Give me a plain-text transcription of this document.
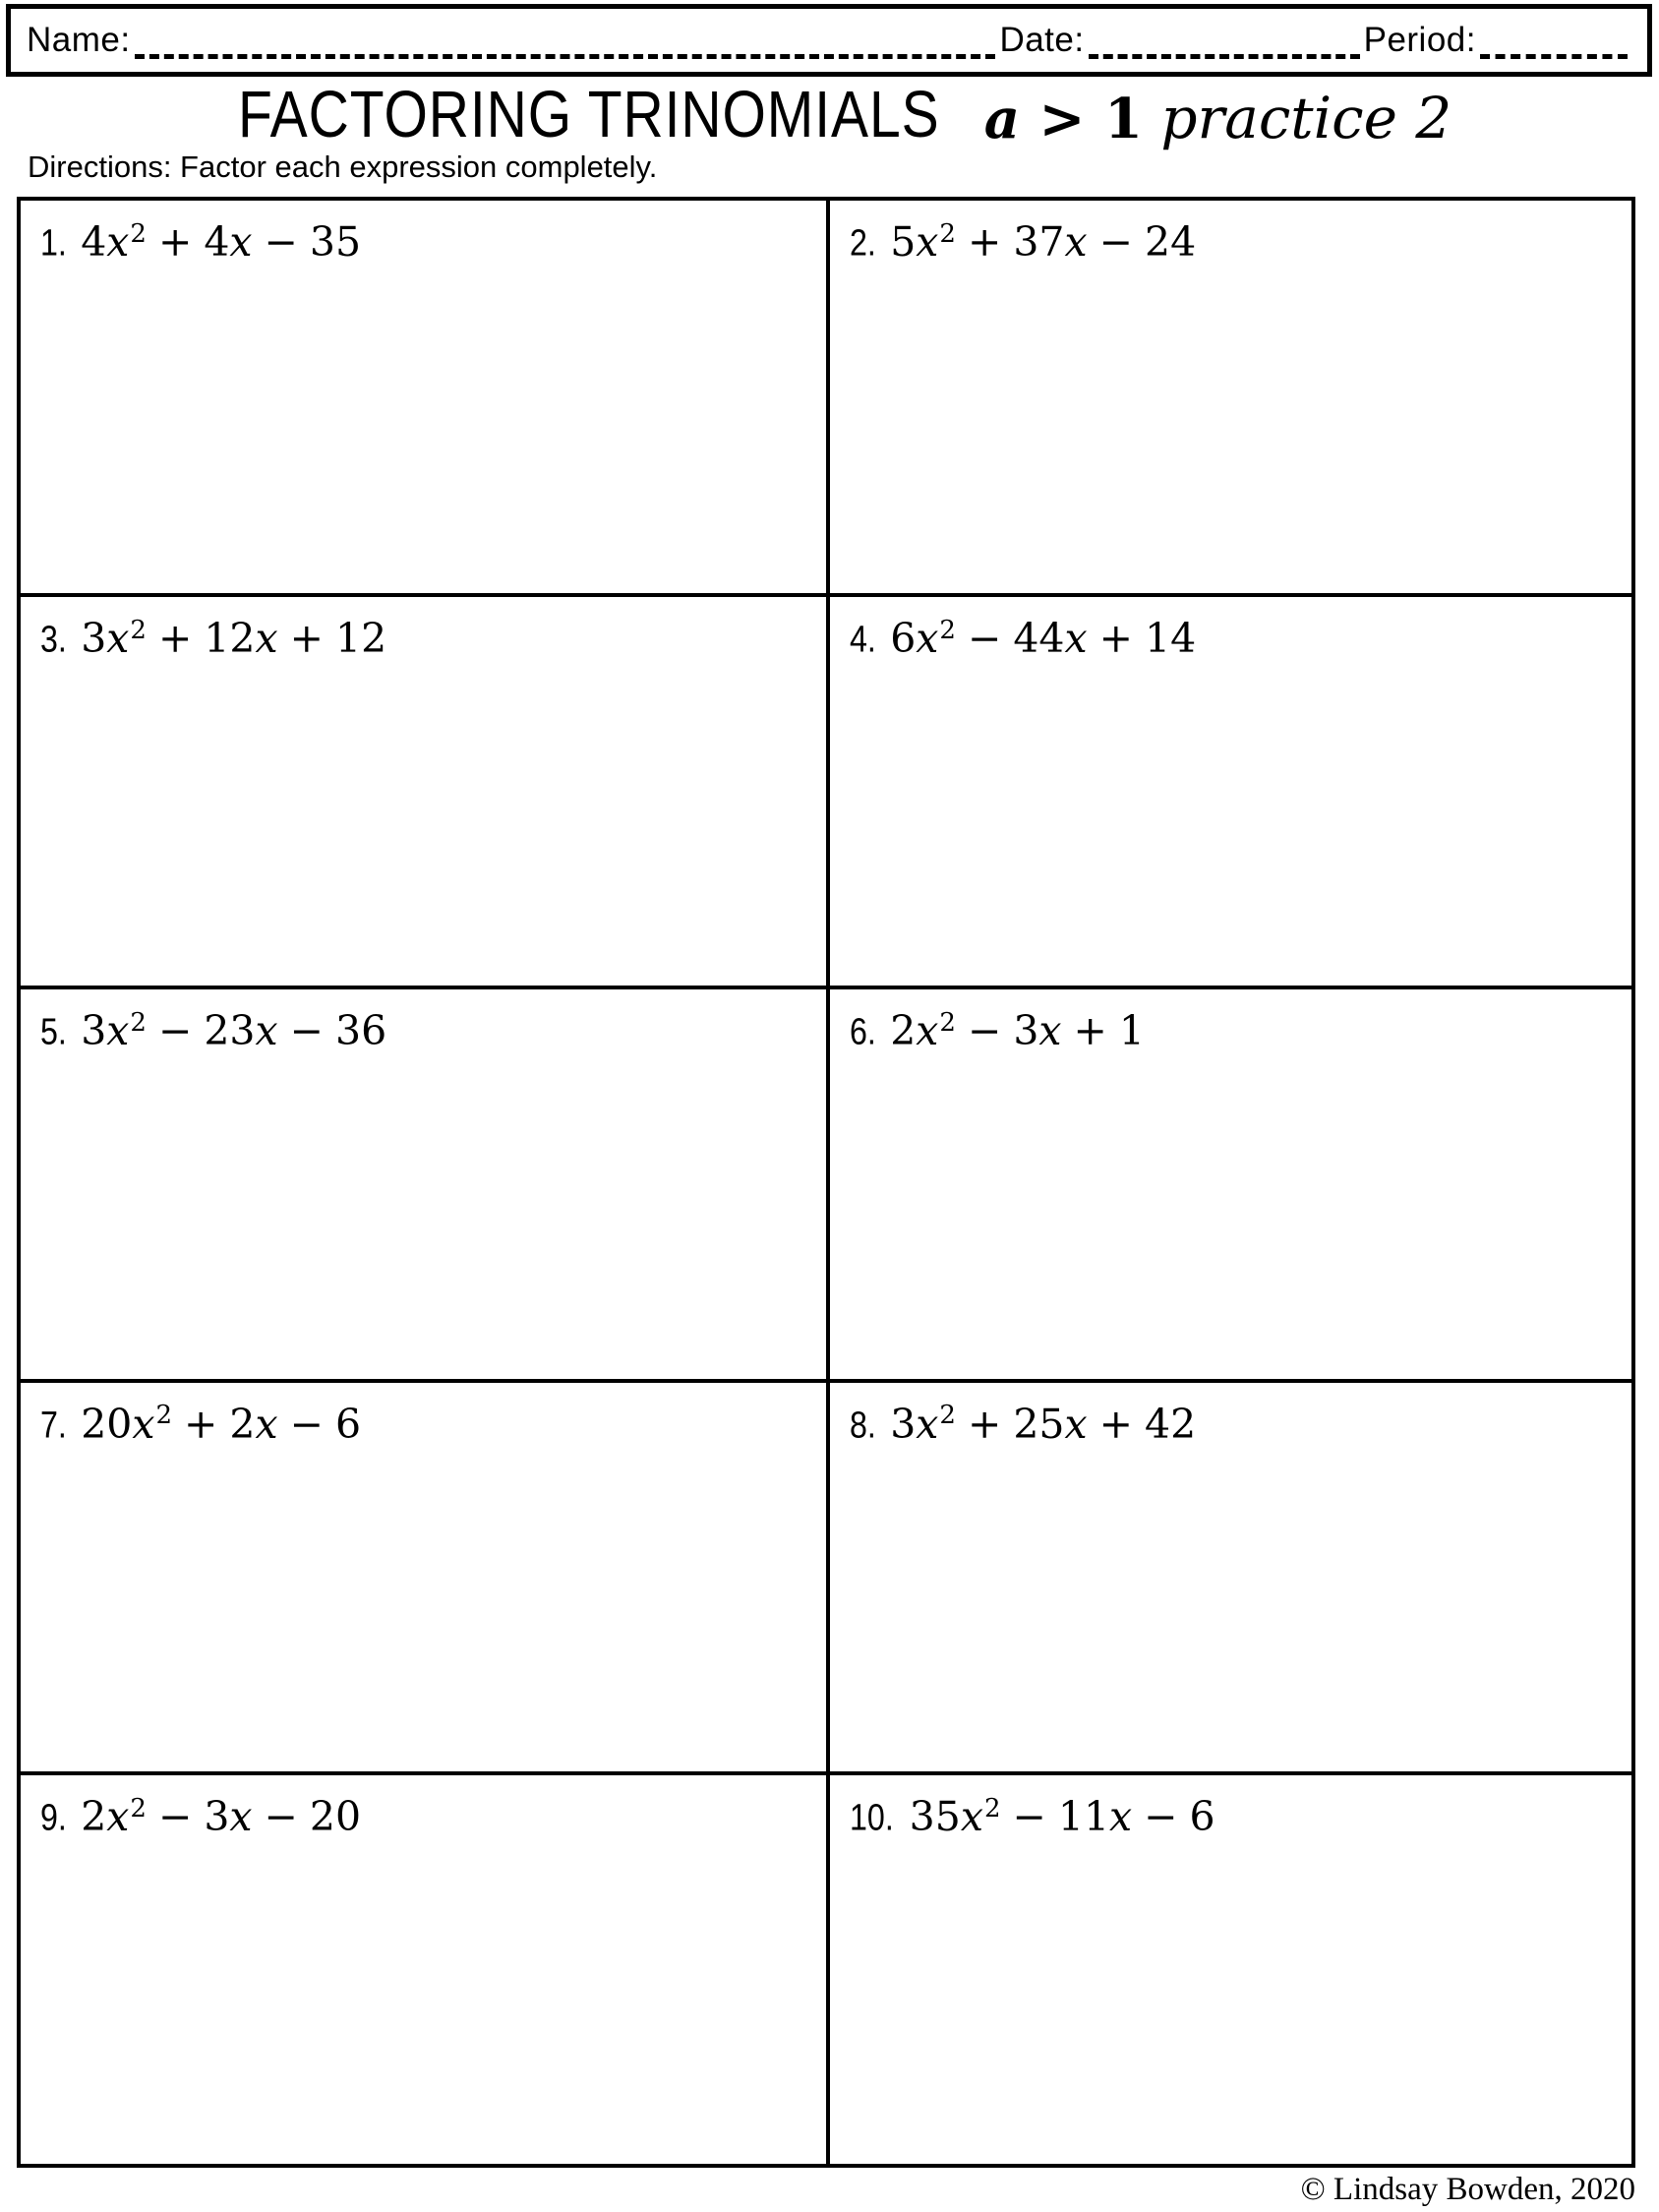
Name:	Date:	Period:
FACTORING TRINOMIALS a > 1 practice 2
Directions: Factor each expression completely.
1. $4x^2 + 4x - 35$	2. $5x^2 + 37x - 24$
3. $3x^2 + 12x + 12$	4. $6x^2 - 44x + 14$
5. $3x^2 - 23x - 36$	6. $2x^2 - 3x + 1$
7. $20x^2 + 2x - 6$	8. $3x^2 + 25x + 42$
9. $2x^2 - 3x - 20$	10. $35x^2 - 11x - 6$
© Lindsay Bowden, 2020
